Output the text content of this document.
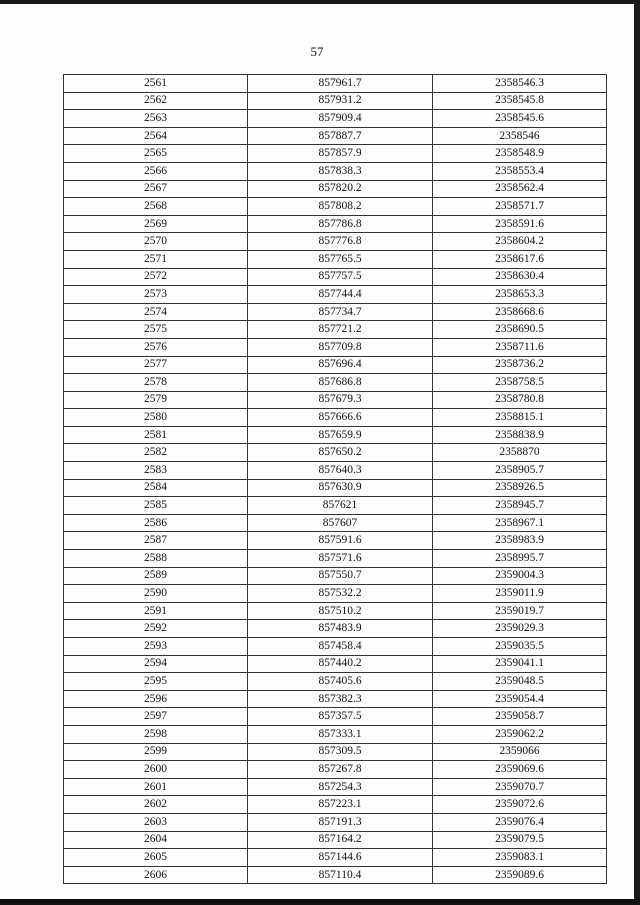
57
2561	857961.7	2358546.3
2562	857931.2	2358545.8
2563	857909.4	2358545.6
2564	857887.7	2358546
2565	857857.9	2358548.9
2566	857838.3	2358553.4
2567	857820.2	2358562.4
2568	857808.2	2358571.7
2569	857786.8	2358591.6
2570	857776.8	2358604.2
2571	857765.5	2358617.6
2572	857757.5	2358630.4
2573	857744.4	2358653.3
2574	857734.7	2358668.6
2575	857721.2	2358690.5
2576	857709.8	2358711.6
2577	857696.4	2358736.2
2578	857686.8	2358758.5
2579	857679.3	2358780.8
2580	857666.6	2358815.1
2581	857659.9	2358838.9
2582	857650.2	2358870
2583	857640.3	2358905.7
2584	857630.9	2358926.5
2585	857621	2358945.7
2586	857607	2358967.1
2587	857591.6	2358983.9
2588	857571.6	2358995.7
2589	857550.7	2359004.3
2590	857532.2	2359011.9
2591	857510.2	2359019.7
2592	857483.9	2359029.3
2593	857458.4	2359035.5
2594	857440.2	2359041.1
2595	857405.6	2359048.5
2596	857382.3	2359054.4
2597	857357.5	2359058.7
2598	857333.1	2359062.2
2599	857309.5	2359066
2600	857267.8	2359069.6
2601	857254.3	2359070.7
2602	857223.1	2359072.6
2603	857191.3	2359076.4
2604	857164.2	2359079.5
2605	857144.6	2359083.1
2606	857110.4	2359089.6
